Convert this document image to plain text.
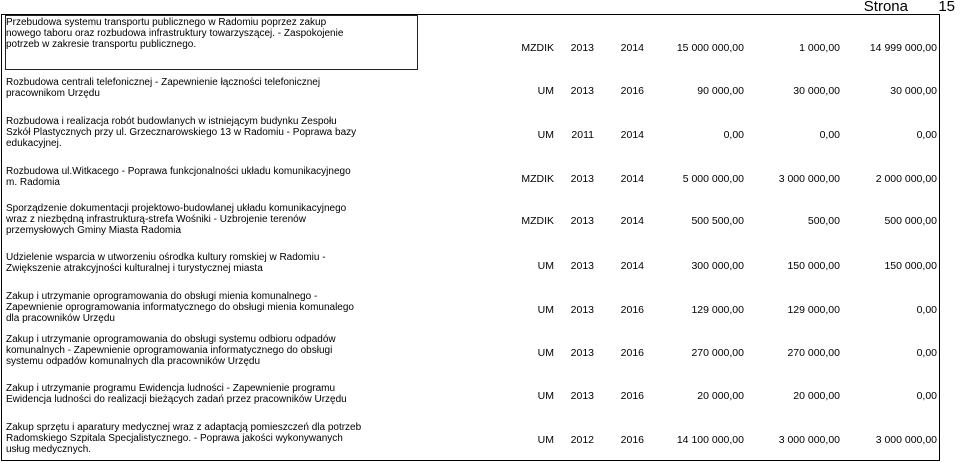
Strona 15
Przebudowa systemu transportu publicznego w Radomiu poprzez zakup
nowego taboru oraz rozbudowa infrastruktury towarzyszącej. - Zaspokojenie
potrzeb w zakresie transportu publicznego.	MZDIK	2013	2014	15 000 000,00	1 000,00	14 999 000,00
Rozbudowa centrali telefonicznej - Zapewnienie łączności telefonicznej
pracownikom Urzędu	UM	2013	2016	90 000,00	30 000,00	30 000,00
Rozbudowa i realizacja robót budowlanych w istniejącym budynku Zespołu
Szkół Plastycznych przy ul. Grzecznarowskiego 13 w Radomiu - Poprawa bazy
edukacyjnej.
UM	2011	2014	0,00	0,00	0,00
Rozbudowa ul.Witkacego - Poprawa funkcjonalności układu komunikacyjnego
m. Radomia	MZDIK	2013	2014	5 000 000,00	3 000 000,00	2 000 000,00
Sporządzenie dokumentacji projektowo-budowlanej układu komunikacyjnego
wraz z niezbędną infrastrukturą-strefa Wośniki - Uzbrojenie terenów
przemysłowych Gminy Miasta Radomia
MZDIK	2013	2014	500 500,00	500,00	500 000,00
Udzielenie wsparcia w utworzeniu ośrodka kultury romskiej w Radomiu -
Zwiększenie atrakcyjności kulturalnej i turystycznej miasta	UM	2013	2014	300 000,00	150 000,00	150 000,00
Zakup i utrzymanie oprogramowania do obsługi mienia komunalnego -
Zapewnienie oprogramowania informatycznego do obsługi mienia komunalego
dla pracowników Urzędu
UM	2013	2016	129 000,00	129 000,00	0,00
Zakup i utrzymanie oprogramowania do obsługi systemu odbioru odpadów
komunalnych - Zapewnienie oprogramowania informatycznego do obsługi
systemu odpadów komunalnych dla pracowników Urzędu
UM	2013	2016	270 000,00	270 000,00	0,00
Zakup i utrzymanie programu Ewidencja ludności - Zapewnienie programu
Ewidencja ludności do realizacji bieżących zadań przez pracowników Urzędu	UM	2013	2016	20 000,00	20 000,00	0,00
Zakup sprzętu i aparatury medycznej wraz z adaptacją pomieszczeń dla potrzeb
Radomskiego Szpitala Specjalistycznego. - Poprawa jakości wykonywanych
usług medycznych.
UM	2012	2016	14 100 000,00	3 000 000,00	3 000 000,00
